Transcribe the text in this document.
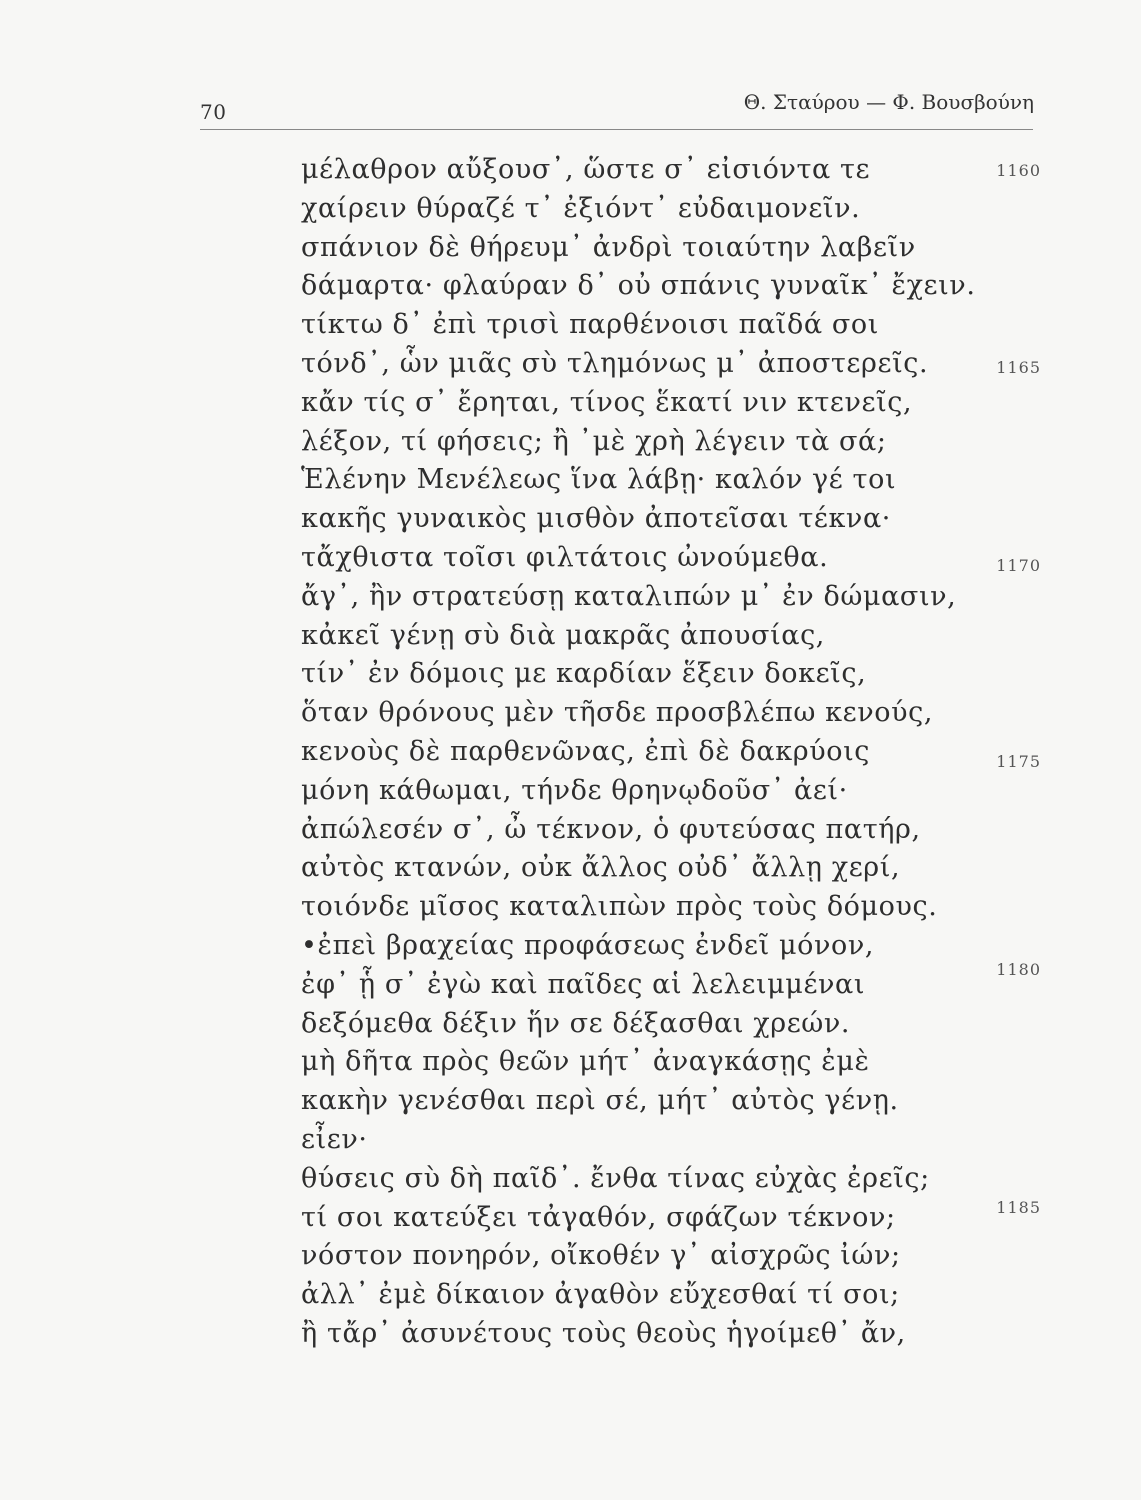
70	Θ. Σταύρου — Φ. Βουσβούνη
μέλαθρον αὔξουσ᾽, ὥστε σ᾽ εἰσιόντα τε
χαίρειν θύραζέ τ᾽ ἐξιόντ᾽ εὐδαιμονεῖν.
σπάνιον δὲ θήρευμ᾽ ἀνδρὶ τοιαύτην λαβεῖν
δάμαρτα· φλαύραν δ᾽ οὐ σπάνις γυναῖκ᾽ ἔχειν.
τίκτω δ᾽ ἐπὶ τρισὶ παρθένοισι παῖδά σοι
τόνδ᾽, ὧν μιᾶς σὺ τλημόνως μ᾽ ἀποστερεῖς.
κἄν τίς σ᾽ ἔρηται, τίνος ἕκατί νιν κτενεῖς,
λέξον, τί φήσεις; ἢ ᾽μὲ χρὴ λέγειν τὰ σά;
Ἑλένην Μενέλεως ἵνα λάβῃ· καλόν γέ τοι
κακῆς γυναικὸς μισθὸν ἀποτεῖσαι τέκνα·
τἄχθιστα τοῖσι φιλτάτοις ὠνούμεθα.
ἄγ᾽, ἢν στρατεύσῃ καταλιπών μ᾽ ἐν δώμασιν,
κἀκεῖ γένῃ σὺ διὰ μακρᾶς ἀπουσίας,
τίν᾽ ἐν δόμοις με καρδίαν ἕξειν δοκεῖς,
ὅταν θρόνους μὲν τῆσδε προσβλέπω κενούς,
κενοὺς δὲ παρθενῶνας, ἐπὶ δὲ δακρύοις
μόνη κάθωμαι, τήνδε θρηνῳδοῦσ᾽ ἀεί·
ἀπώλεσέν σ᾽, ὦ τέκνον, ὁ φυτεύσας πατήρ,
αὐτὸς κτανών, οὐκ ἄλλος οὐδ᾽ ἄλλῃ χερί,
τοιόνδε μῖσος καταλιπὼν πρὸς τοὺς δόμους.
•ἐπεὶ βραχείας προφάσεως ἐνδεῖ μόνον,
ἐφ᾽ ᾗ σ᾽ ἐγὼ καὶ παῖδες αἱ λελειμμέναι
δεξόμεθα δέξιν ἥν σε δέξασθαι χρεών.
μὴ δῆτα πρὸς θεῶν μήτ᾽ ἀναγκάσῃς ἐμὲ
κακὴν γενέσθαι περὶ σέ, μήτ᾽ αὐτὸς γένῃ.
εἶεν·
θύσεις σὺ δὴ παῖδ᾽. ἔνθα τίνας εὐχὰς ἐρεῖς;
τί σοι κατεύξει τἀγαθόν, σφάζων τέκνον;
νόστον πονηρόν, οἴκοθέν γ᾽ αἰσχρῶς ἰών;
ἀλλ᾽ ἐμὲ δίκαιον ἀγαθὸν εὔχεσθαί τί σοι;
ἢ τἄρ᾽ ἀσυνέτους τοὺς θεοὺς ἡγοίμεθ᾽ ἄν,
1160
1165
1170
1175
1180
1185
